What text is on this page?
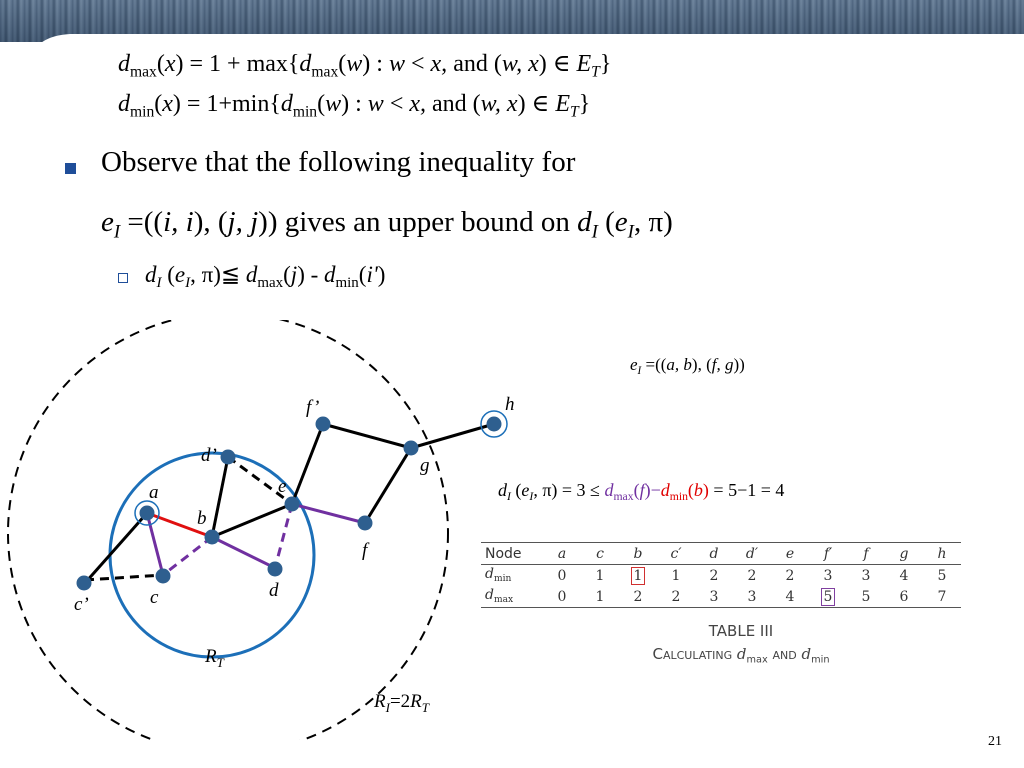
$d_{max}(x) = 1 + \max\{d_{max}(w)$ : w < x, and (w, x) ∈ $E_T$}
$d_{min}(x) = 1+\min\{d_{min}(w)$ : w < x, and (w, x) ∈ $E_T$}
Observe that the following inequality for
$e_I =((i$, i), (j, j)) gives an upper bound on $d_I$ ($e_I$, π)
$d_I$ ($e_I$, π)≦ $d_{max}(j) - d_{min}(i')$
a
b
c
c’
d
d’
e
f’
f
g
h
$R_T$
$R_I=2R_T$
$e_I =((a$, b), (f, g))
$d_I$ ($e_I$, $\pi) = 3 \le d_{max}(f)-d_{min}(b) = 5-1 = 4$
Node	a	c	b	c′	d	d′	e	f′	f	g	h
$d_{min}$	0	1	1	1	2	2	2	3	3	4	5
$d_{max}$	0	1	2	2	3	3	4	5	5	6	7
TABLE III
Calculating $d_{max}$ and $d_{min}$
21
